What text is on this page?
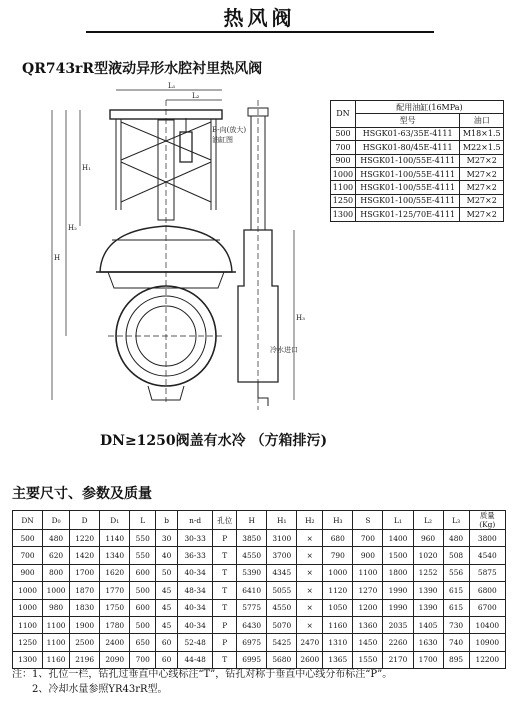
热风阀
QR743rR型液动异形水腔衬里热风阀
L₁
L₂
H₁
H₂
H
H₃
B-向(放大)
油缸图
冷水进口
DN	配用油缸(16MPa)	
	型号	油口
500	HSGK01-63/35E-4111	M18×1.5
700	HSGK01-80/45E-4111	M22×1.5
900	HSGK01-100/55E-4111	M27×2
1000	HSGK01-100/55E-4111	M27×2
1100	HSGK01-100/55E-4111	M27×2
1250	HSGK01-100/55E-4111	M27×2
1300	HSGK01-125/70E-4111	M27×2
DN≥1250阀盖有水冷 （方箱排污)
主要尺寸、参数及质量
DN	D₀	D	D₁	L	b	n-d	孔位	H	H₁	H₂	H₃	S	L₁	L₂	L₃	质量
(Kg)
500	480	1220	1140	550	30	30-33	P	3850	3100	×	680	700	1400	960	480	3800
700	620	1420	1340	550	40	36-33	T	4550	3700	×	790	900	1500	1020	508	4540
900	800	1700	1620	600	50	40-34	T	5390	4345	×	1000	1100	1800	1252	556	5875
1000	1000	1870	1770	500	45	48-34	T	6410	5055	×	1120	1270	1990	1390	615	6800
1000	980	1830	1750	600	45	40-34	T	5775	4550	×	1050	1200	1990	1390	615	6700
1100	1100	1900	1780	500	45	40-34	P	6430	5070	×	1160	1360	2035	1405	730	10400
1250	1100	2500	2400	650	60	52-48	P	6975	5425	2470	1310	1450	2260	1630	740	10900
1300	1160	2196	2090	700	60	44-48	T	6995	5680	2600	1365	1550	2170	1700	895	12200
注：1、孔位一栏，钻孔过垂直中心线标注“T”，钻孔对称于垂直中心线分布标注“P”。
　　2、冷却水量参照YR43rR型。
